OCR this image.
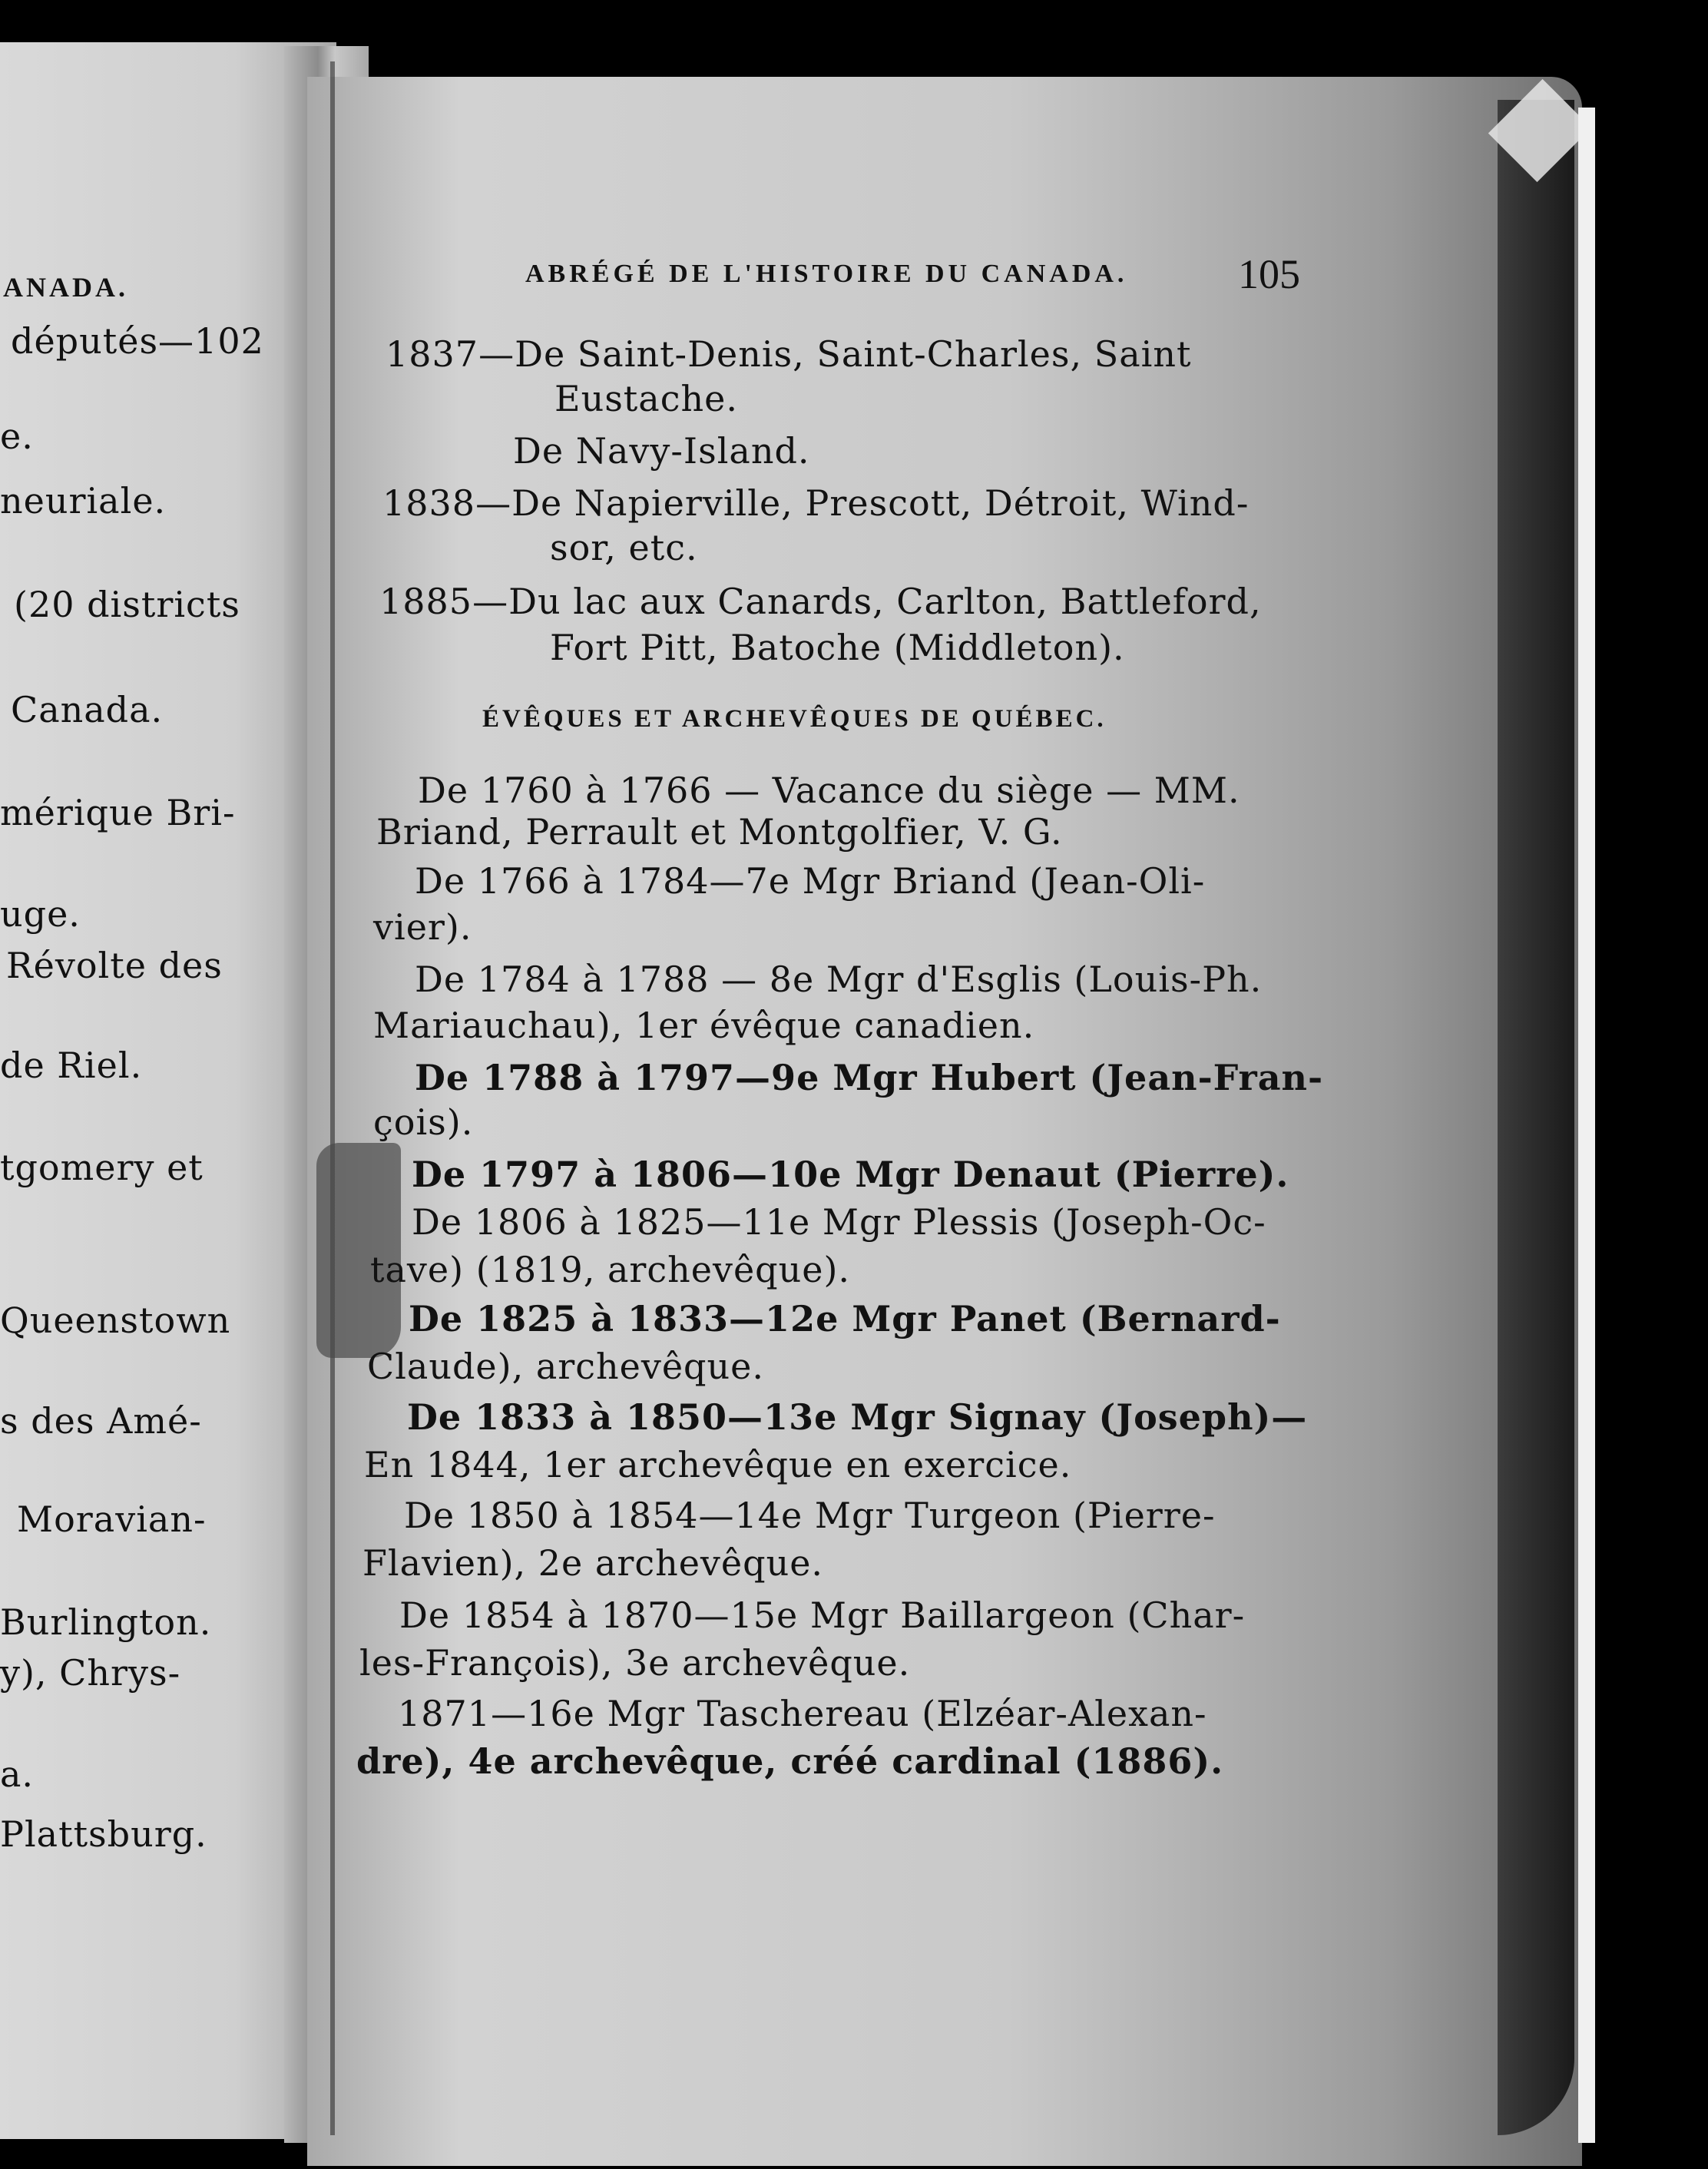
ANADA.
députés—102
e.
neuriale.
(20 districts
Canada.
mérique Bri-
uge.
Révolte des
de Riel.
tgomery et
Queenstown
s des Amé-
Moravian-
Burlington.
y), Chrys-
a.
Plattsburg.
ABRÉGÉ DE L'HISTOIRE DU CANADA.	105
1837—De Saint-Denis, Saint-Charles, Saint
Eustache.
De Navy-Island.
1838—De Napierville, Prescott, Détroit, Wind-
sor, etc.
1885—Du lac aux Canards, Carlton, Battleford,
Fort Pitt, Batoche (Middleton).
ÉVÊQUES ET ARCHEVÊQUES DE QUÉBEC.
De 1760 à 1766 — Vacance du siège — MM.
Briand, Perrault et Montgolfier, V. G.
De 1766 à 1784—7e Mgr Briand (Jean-Oli-
vier).
De 1784 à 1788 — 8e Mgr d'Esglis (Louis-Ph.
Mariauchau), 1er évêque canadien.
De 1788 à 1797—9e Mgr Hubert (Jean-Fran-
çois).
De 1797 à 1806—10e Mgr Denaut (Pierre).
De 1806 à 1825—11e Mgr Plessis (Joseph-Oc-
tave) (1819, archevêque).
De 1825 à 1833—12e Mgr Panet (Bernard-
Claude), archevêque.
De 1833 à 1850—13e Mgr Signay (Joseph)—
En 1844, 1er archevêque en exercice.
De 1850 à 1854—14e Mgr Turgeon (Pierre-
Flavien), 2e archevêque.
De 1854 à 1870—15e Mgr Baillargeon (Char-
les-François), 3e archevêque.
1871—16e Mgr Taschereau (Elzéar-Alexan-
dre), 4e archevêque, créé cardinal (1886).
